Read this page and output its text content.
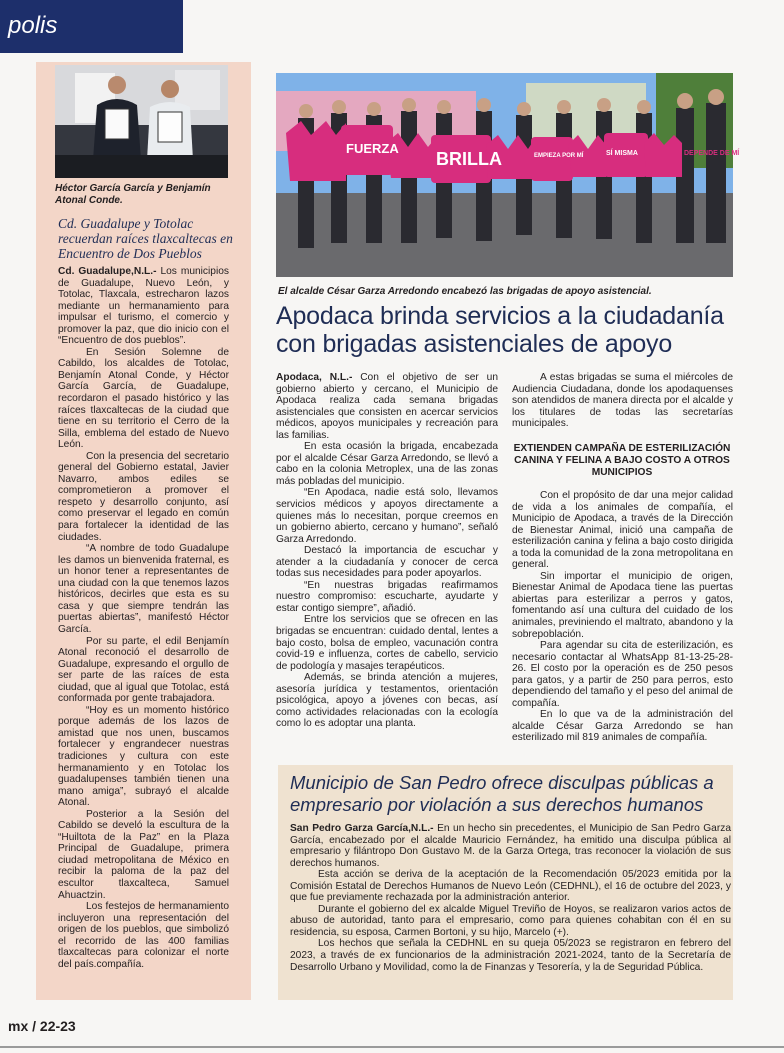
polis
Héctor García García y Benjamín Atonal Conde.
Cd. Guadalupe y Totolac recuerdan raíces tlaxcaltecas en Encuentro de Dos Pueblos

Cd. Guadalupe,N.L.- Los municipios de Guadalupe, Nuevo León, y Totolac, Tlaxcala, estrecharon lazos mediante un hermanamiento para impulsar el turismo, el comercio y promover la paz, que dio inicio con el “Encuentro de dos pueblos”.

En Sesión Solemne de Cabildo, los alcaldes de Totolac, Benjamín Atonal Conde, y Héctor García García, de Guadalupe, recordaron el pasado histórico y las raíces tlaxcaltecas de la ciudad que tiene en su territorio el Cerro de la Silla, emblema del estado de Nuevo León.

Con la presencia del secretario general del Gobierno estatal, Javier Navarro, ambos ediles se comprometieron a promover el respeto y desarrollo conjunto, así como preservar el legado en común para fortalecer la identidad de las ciudades.

“A nombre de todo Guadalupe les damos un bienvenida fraternal, es un honor tener a representantes de una ciudad con la que tenemos lazos históricos, decirles que esta es su casa y que siempre tendrán las puertas abiertas”, manifestó Héctor García.

Por su parte, el edil Benjamín Atonal reconoció el desarrollo de Guadalupe, expresando el orgullo de ser parte de las raíces de esta ciudad, que al igual que Totolac, está conformada por gente trabajadora.

“Hoy es un momento histórico porque además de los lazos de amistad que nos unen, buscamos fortalecer y engrandecer nuestras tradiciones y cultura con este hermanamiento y en Totolac los guadalupenses también tienen una mano amiga”, subrayó el alcalde Atonal.

Posterior a la Sesión del Cabildo se develó la escultura de la “Huiltota de la Paz” en la Plaza Principal de Guadalupe, primera ciudad metropolitana de México en recibir la paloma de la paz del escultor tlaxcalteca, Samuel Ahuactzin.

Los festejos de hermanamiento incluyeron una representación del origen de los pueblos, que simbolizó el recorrido de las 400 familias tlaxcaltecas para colonizar el norte del país.compañía.

FUERZA
BRILLA	EMPIEZA POR MÍ	SÍ MISMA	DEPENDE DE MÍ
El alcalde César Garza Arredondo encabezó las brigadas de apoyo asistencial.
Apodaca brinda servicios a la ciudadanía con brigadas asistenciales de apoyo

Apodaca, N.L.- Con el objetivo de ser un gobierno abierto y cercano, el Municipio de Apodaca realiza cada semana brigadas asistenciales que consisten en acercar servicios médicos, apoyos municipales y recreación para las familias.

En esta ocasión la brigada, encabezada por el alcalde César Garza Arredondo, se llevó a cabo en la colonia Metroplex, una de las zonas más pobladas del municipio.

“En Apodaca, nadie está solo, llevamos servicios médicos y apoyos directamente a quienes más lo necesitan, porque creemos en un gobierno abierto, cercano y humano”, señaló Garza Arredondo.

Destacó la importancia de escuchar y atender a la ciudadanía y conocer de cerca todas sus necesidades para poder apoyarlos.

“En nuestras brigadas reafirmamos nuestro compromiso: escucharte, ayudarte y estar contigo siempre”, añadió.

Entre los servicios que se ofrecen en las brigadas se encuentran: cuidado dental, lentes a bajo costo, bolsa de empleo, vacunación contra covid-19 e influenza, cortes de cabello, servicio de podología y masajes terapéuticos.

Además, se brinda atención a mujeres, asesoría jurídica y testamentos, orientación psicológica, apoyo a jóvenes con becas, así como actividades relacionadas con la ecología como lo es adoptar una planta.

A estas brigadas se suma el miércoles de Audiencia Ciudadana, donde los apodaquenses son atendidos de manera directa por el alcalde y los titulares de todas las secretarías municipales.

EXTIENDEN CAMPAÑA DE ESTERILIZACIÓN CANINA Y FELINA A BAJO COSTO A OTROS MUNICIPIOS

Con el propósito de dar una mejor calidad de vida a los animales de compañía, el Municipio de Apodaca, a través de la Dirección de Bienestar Animal, inició una campaña de esterilización canina y felina a bajo costo dirigida a toda la comunidad de la zona metropolitana en general.

Sin importar el municipio de origen, Bienestar Animal de Apodaca tiene las puertas abiertas para esterilizar a perros y gatos, fomentando así una cultura del cuidado de los animales, previniendo el maltrato, abandono y la sobrepoblación.

Para agendar su cita de esterilización, es necesario contactar al WhatsApp 81-13-25-28-26. El costo por la operación es de 250 pesos para gatos, y a partir de 250 para perros, esto dependiendo del tamaño y el peso del animal de compañía.

En lo que va de la administración del alcalde César Garza Arredondo se han esterilizado mil 819 animales de compañía.

Municipio de San Pedro ofrece disculpas públicas a empresario por violación a sus derechos humanos

San Pedro Garza García,N.L.- En un hecho sin precedentes, el Municipio de San Pedro Garza García, encabezado por el alcalde Mauricio Fernández, ha emitido una disculpa pública al empresario y filántropo Don Gustavo M. de la Garza Ortega, tras reconocer la violación de sus derechos humanos.

Esta acción se deriva de la aceptación de la Recomendación 05/2023 emitida por la Comisión Estatal de Derechos Humanos de Nuevo León (CEDHNL), el 16 de octubre del 2023, y que fue previamente rechazada por la administración anterior.

Durante el gobierno del ex alcalde Miguel Treviño de Hoyos, se realizaron varios actos de abuso de autoridad, tanto para el empresario, como para quienes cohabitan con él en su residencia, su esposa, Carmen Bortoni, y su hijo, Marcelo (+).

Los hechos que señala la CEDHNL en su queja 05/2023 se registraron en febrero del 2023, a través de ex funcionarios de la administración 2021-2024, tanto de la Secretaría de Desarrollo Urbano y Movilidad, como la de Finanzas y Tesorería, y la de Seguridad Pública.

mx / 22-23
